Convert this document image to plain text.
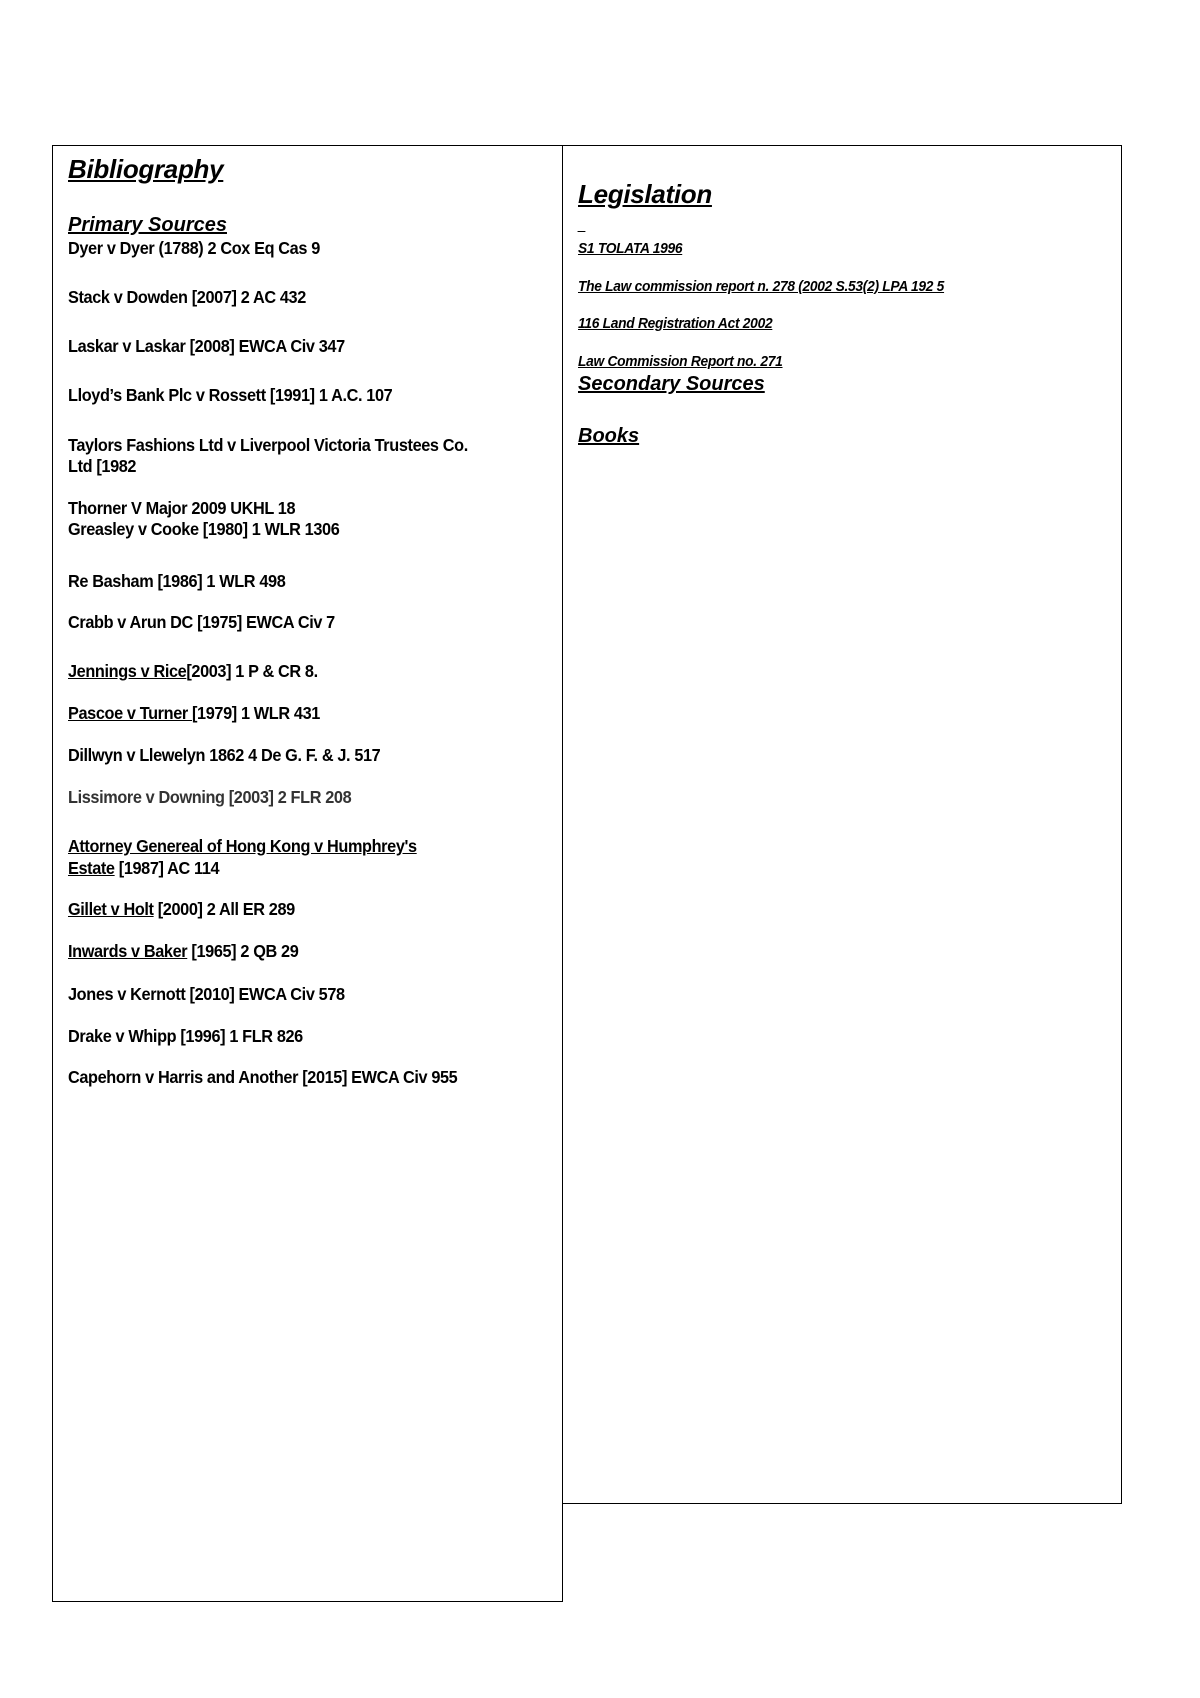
Bibliography
Primary Sources
Dyer v Dyer (1788) 2 Cox Eq Cas 9
Stack v Dowden [2007] 2 AC 432
Laskar v Laskar [2008] EWCA Civ 347
Lloyd’s Bank Plc v Rossett [1991] 1 A.C. 107
Taylors Fashions Ltd v Liverpool Victoria Trustees Co.
Ltd [1982
Thorner V Major 2009 UKHL 18
Greasley v Cooke [1980] 1 WLR 1306
Re Basham [1986] 1 WLR 498
Crabb v Arun DC [1975] EWCA Civ 7
Jennings v Rice[2003] 1 P & CR 8.
Pascoe v Turner [1979] 1 WLR 431
Dillwyn v Llewelyn 1862 4 De G. F. & J. 517
Lissimore v Downing [2003] 2 FLR 208
Attorney Genereal of Hong Kong v Humphrey's
Estate [1987] AC 114
Gillet v Holt [2000] 2 All ER 289
Inwards v Baker [1965] 2 QB 29
Jones v Kernott [2010] EWCA Civ 578
Drake v Whipp [1996] 1 FLR 826
Capehorn v Harris and Another [2015] EWCA Civ 955
Legislation
_
S1 TOLATA 1996
The Law commission report n. 278 (2002 S.53(2) LPA 192 5
116 Land Registration Act 2002
Law Commission Report no. 271
Secondary Sources
Books
